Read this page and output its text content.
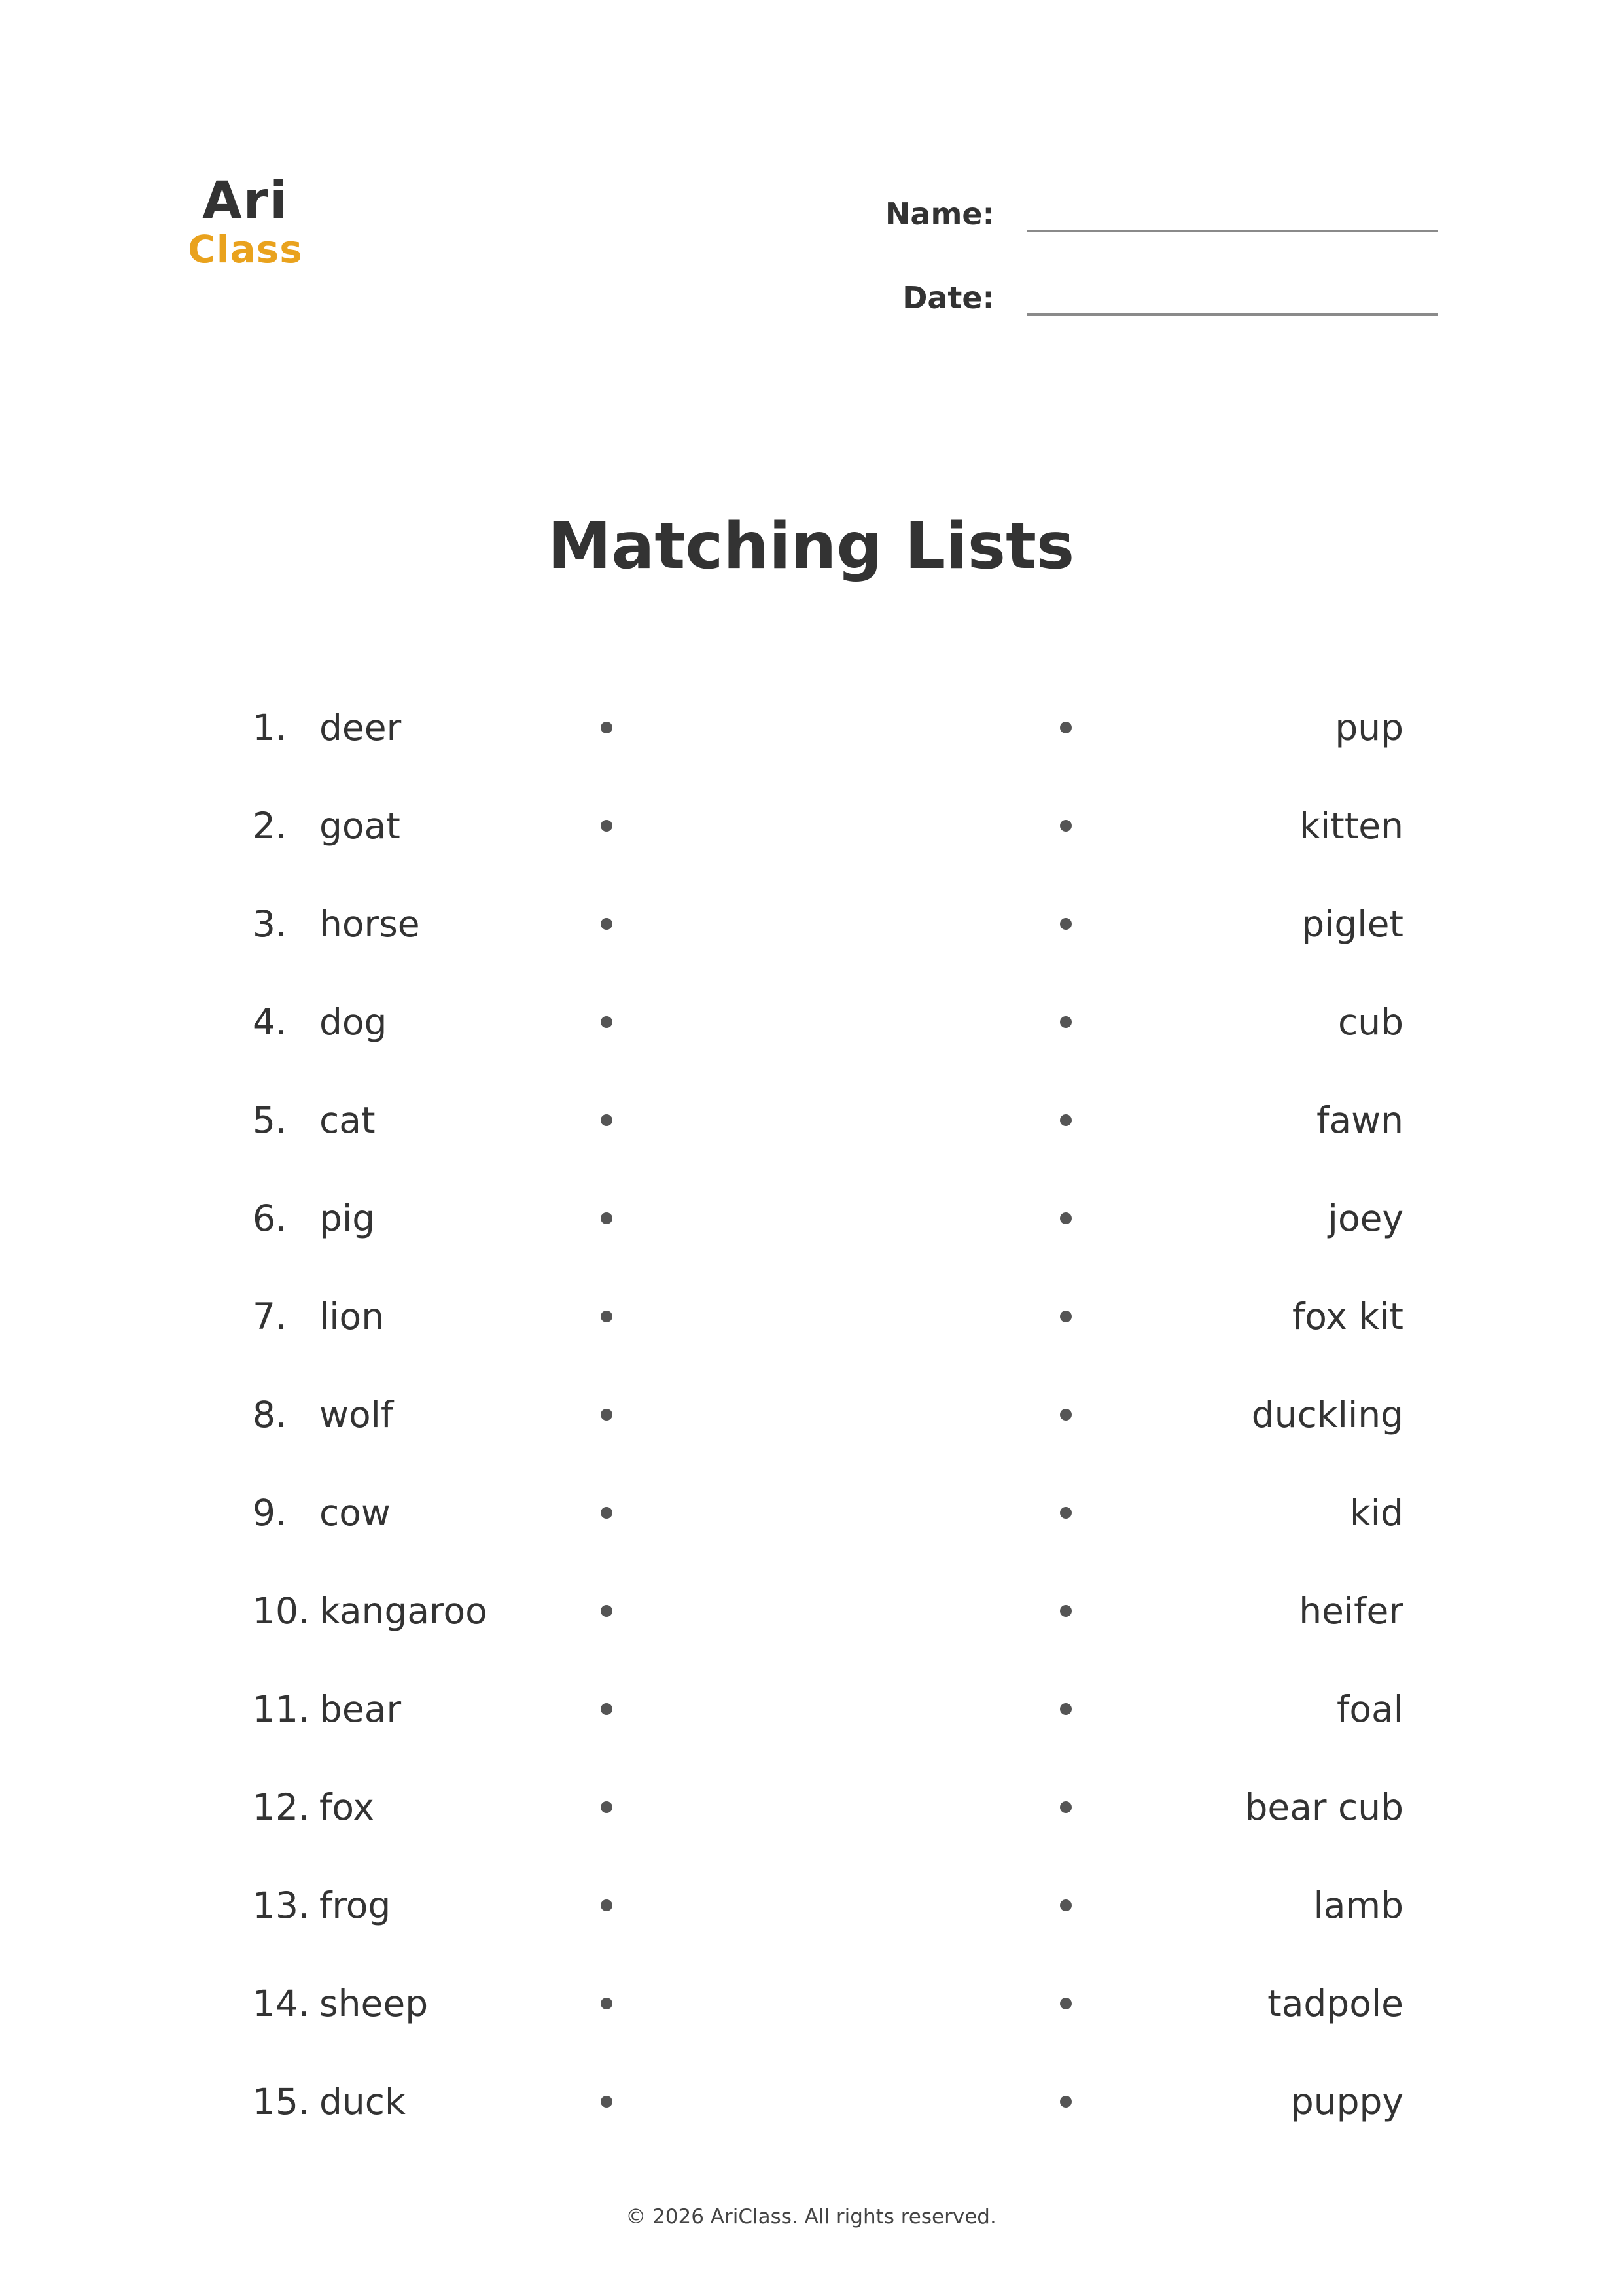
Ari
Class
Name:
Date:
Matching Lists
1. deer	pup
2. goat	kitten
3. horse	piglet
4. dog	cub
5. cat	fawn
6. pig	joey
7. lion	fox kit
8. wolf	duckling
9. cow	kid
10. kangaroo	heifer
11. bear	foal
12. fox	bear cub
13. frog	lamb
14. sheep	tadpole
15. duck	puppy
© 2026 AriClass. All rights reserved.
